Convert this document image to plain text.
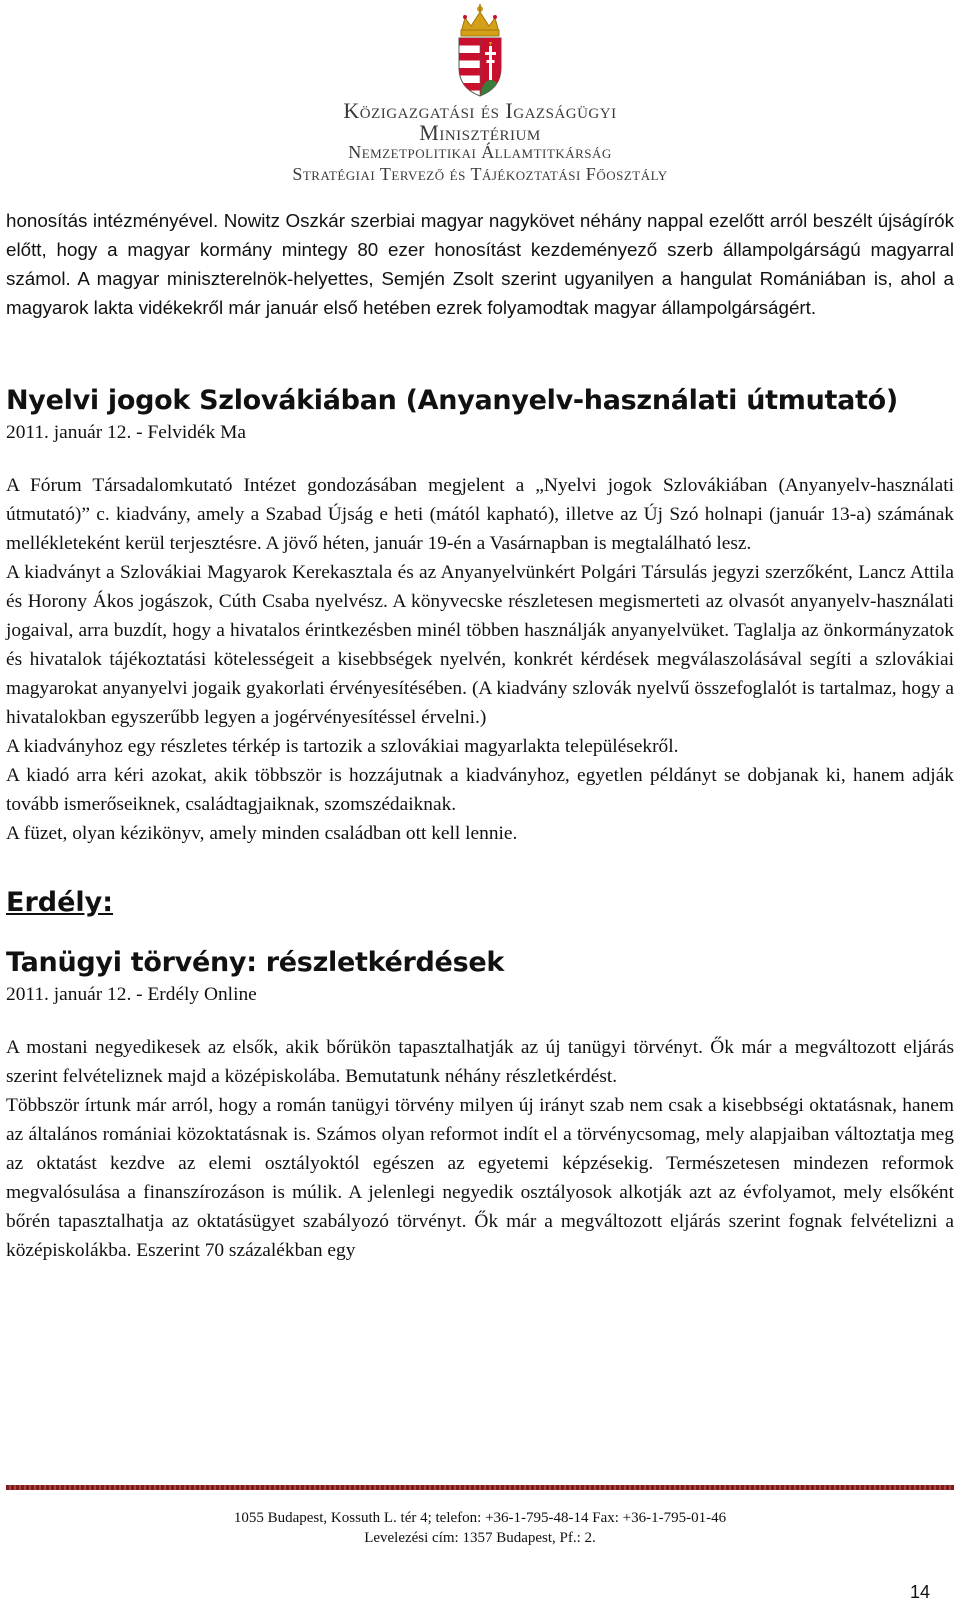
Közigazgatási és Igazságügyi
Minisztérium
Nemzetpolitikai Államtitkárság
Stratégiai Tervező és Tájékoztatási Főosztály

honosítás intézményével. Nowitz Oszkár szerbiai magyar nagykövet néhány nappal ezelőtt arról beszélt újságírók előtt, hogy a magyar kormány mintegy 80 ezer honosítást kezdeményező szerb állampolgárságú magyarral számol. A magyar miniszterelnök-helyettes, Semjén Zsolt szerint ugyanilyen a hangulat Romániában is, ahol a magyarok lakta vidékekről már január első hetében ezrek folyamodtak magyar állampolgárságért.

Nyelvi jogok Szlovákiában (Anyanyelv-használati útmutató)

2011. január 12. - Felvidék Ma

A Fórum Társadalomkutató Intézet gondozásában megjelent a „Nyelvi jogok Szlovákiában (Anyanyelv-használati útmutató)” c. kiadvány, amely a Szabad Újság e heti (mától kapható), illetve az Új Szó holnapi (január 13-a) számának mellékleteként kerül terjesztésre. A jövő héten, január 19-én a Vasárnapban is megtalálható lesz.

A kiadványt a Szlovákiai Magyarok Kerekasztala és az Anyanyelvünkért Polgári Társulás jegyzi szerzőként, Lancz Attila és Horony Ákos jogászok, Cúth Csaba nyelvész. A könyvecske részletesen megismerteti az olvasót anyanyelv-használati jogaival, arra buzdít, hogy a hivatalos érintkezésben minél többen használják anyanyelvüket. Taglalja az önkormányzatok és hivatalok tájékoztatási kötelességeit a kisebbségek nyelvén, konkrét kérdések megválaszolásával segíti a szlovákiai magyarokat anyanyelvi jogaik gyakorlati érvényesítésében. (A kiadvány szlovák nyelvű összefoglalót is tartalmaz, hogy a hivatalokban egyszerűbb legyen a jogérvényesítéssel érvelni.)

A kiadványhoz egy részletes térkép is tartozik a szlovákiai magyarlakta településekről.

A kiadó arra kéri azokat, akik többször is hozzájutnak a kiadványhoz, egyetlen példányt se dobjanak ki, hanem adják tovább ismerőseiknek, családtagjaiknak, szomszédaiknak.

A füzet, olyan kézikönyv, amely minden családban ott kell lennie.

Erdély:
Tanügyi törvény: részletkérdések

2011. január 12. - Erdély Online

A mostani negyedikesek az elsők, akik bőrükön tapasztalhatják az új tanügyi törvényt. Ők már a megváltozott eljárás szerint felvételiznek majd a középiskolába. Bemutatunk néhány részletkérdést.

Többször írtunk már arról, hogy a román tanügyi törvény milyen új irányt szab nem csak a kisebbségi oktatásnak, hanem az általános romániai közoktatásnak is. Számos olyan reformot indít el a törvénycsomag, mely alapjaiban változtatja meg az oktatást kezdve az elemi osztályoktól egészen az egyetemi képzésekig. Természetesen mindezen reformok megvalósulása a finanszírozáson is múlik. A jelenlegi negyedik osztályosok alkotják azt az évfolyamot, mely elsőként bőrén tapasztalhatja az oktatásügyet szabályozó törvényt. Ők már a megváltozott eljárás szerint fognak felvételizni a középiskolákba. Eszerint 70 százalékban egy

1055 Budapest, Kossuth L. tér 4; telefon: +36-1-795-48-14 Fax: +36-1-795-01-46
Levelezési cím: 1357 Budapest, Pf.: 2.
14
